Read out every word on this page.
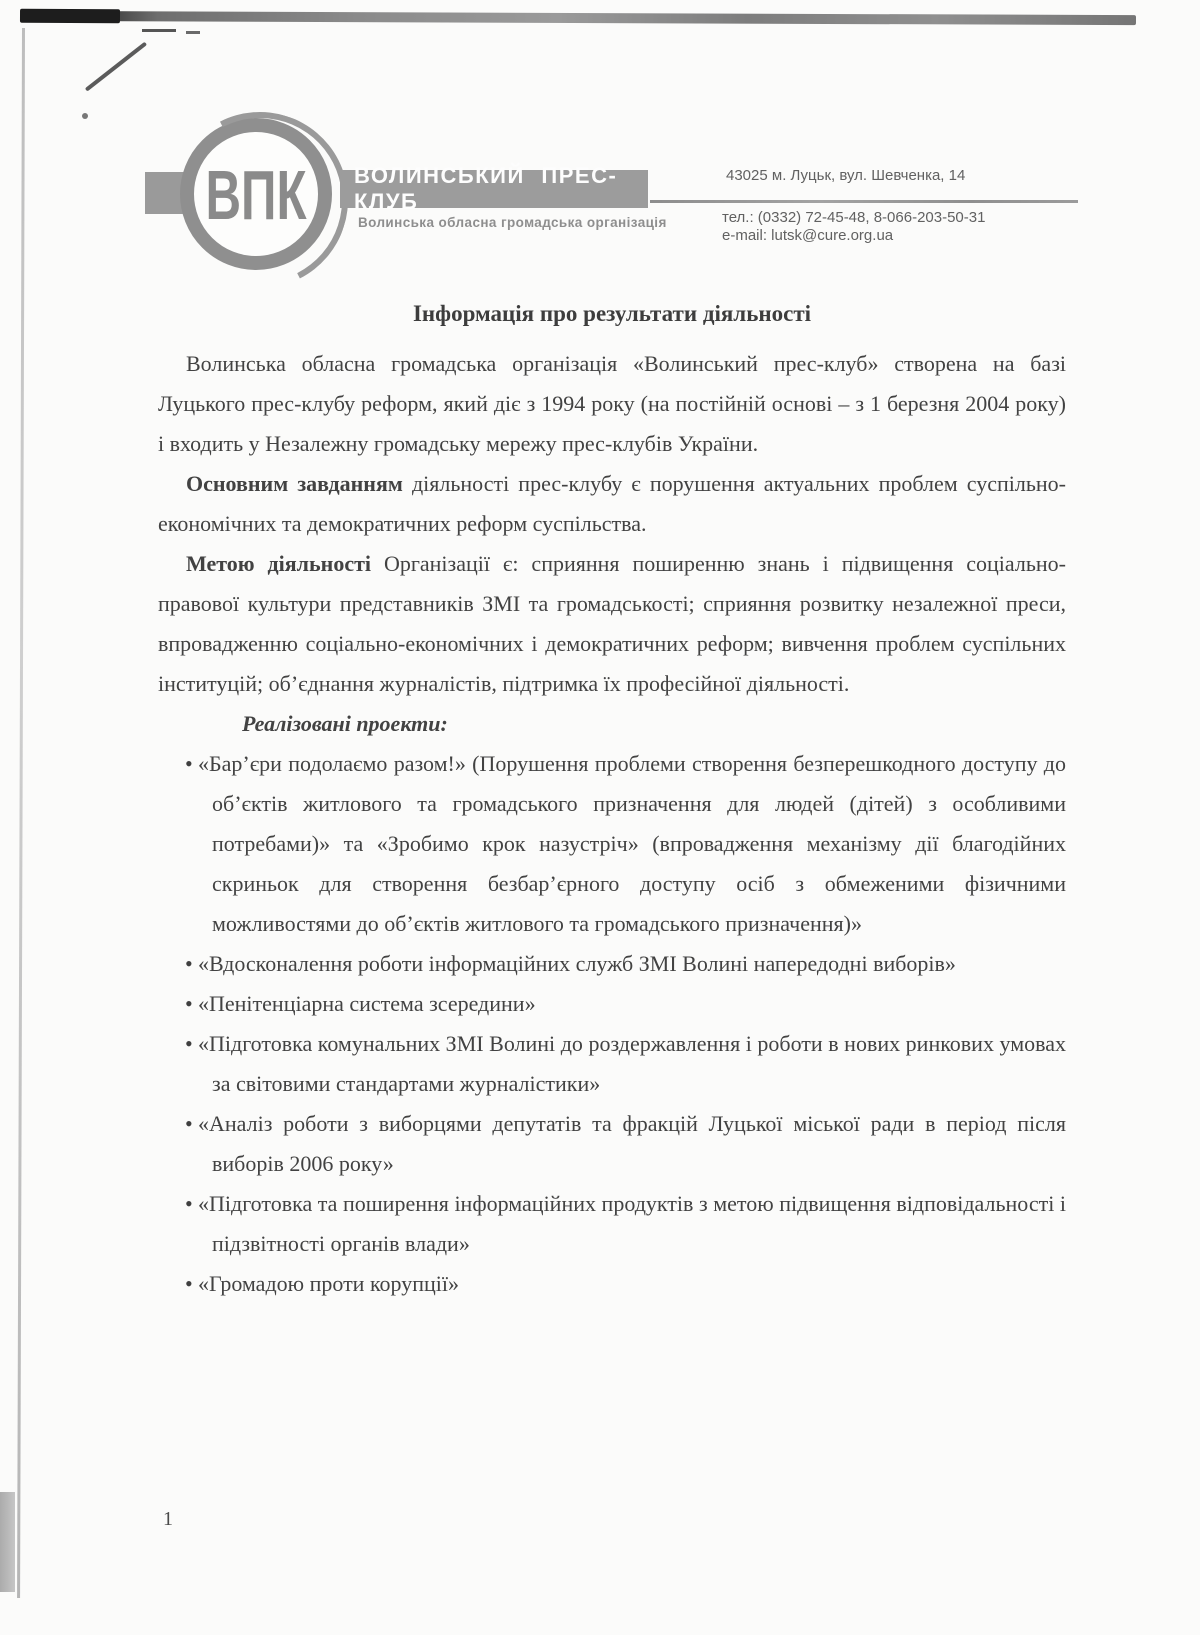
ВПК	ВОЛИНСЬКИЙ ПРЕС-КЛУБ
Волинська обласна громадська організація
43025 м. Луцьк, вул. Шевченка, 14
тел.: (0332) 72-45-48, 8-066-203-50-31
e-mail: lutsk@cure.org.ua
Інформація про результати діяльності

Волинська обласна громадська організація «Волинський прес-клуб» створена на базі Луцького прес-клубу реформ, який діє з 1994 року (на постійній основі – з 1 березня 2004 року) і входить у Незалежну громадську мережу прес-клубів України.

Основним завданням діяльності прес-клубу є порушення актуальних проблем суспільно-економічних та демократичних реформ суспільства.

Метою діяльності Організації є: сприяння поширенню знань і підвищення соціально-правової культури представників ЗМІ та громадськості; сприяння розвитку незалежної преси, впровадженню соціально-економічних і демократичних реформ; вивчення проблем суспільних інституцій; об’єднання журналістів, підтримка їх професійної діяльності.

Реалізовані проекти:

• «Бар’єри подолаємо разом!» (Порушення проблеми створення безперешкодного доступу до об’єктів житлового та громадського призначення для людей (дітей) з особливими потребами)» та «Зробимо крок назустріч» (впровадження механізму дії благодійних скриньок для створення безбар’єрного доступу осіб з обмеженими фізичними можливостями до об’єктів житлового та громадського призначення)»
• «Вдосконалення роботи інформаційних служб ЗМІ Волині напередодні виборів»
• «Пенітенціарна система зсередини»
• «Підготовка комунальних ЗМІ Волині до роздержавлення і роботи в нових ринкових умовах за світовими стандартами журналістики»
• «Аналіз роботи з виборцями депутатів та фракцій Луцької міської ради в період після виборів 2006 року»
• «Підготовка та поширення інформаційних продуктів з метою підвищення відповідальності і підзвітності органів влади»
• «Громадою проти корупції»
1
